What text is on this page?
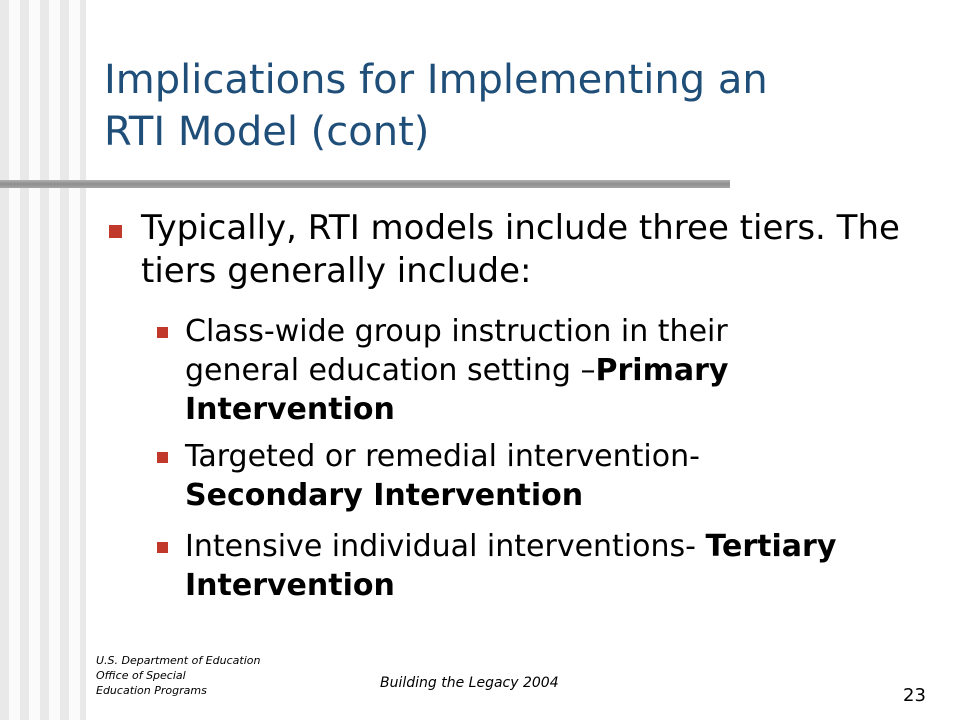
Implications for Implementing an
RTI Model (cont)
Typically, RTI models include three tiers. The tiers generally include:
Class-wide group instruction in their general education setting –Primary Intervention
Targeted or remedial intervention- Secondary Intervention
Intensive individual interventions- Tertiary Intervention
U.S. Department of Education
Office of Special
Education Programs	Building the Legacy 2004
23
